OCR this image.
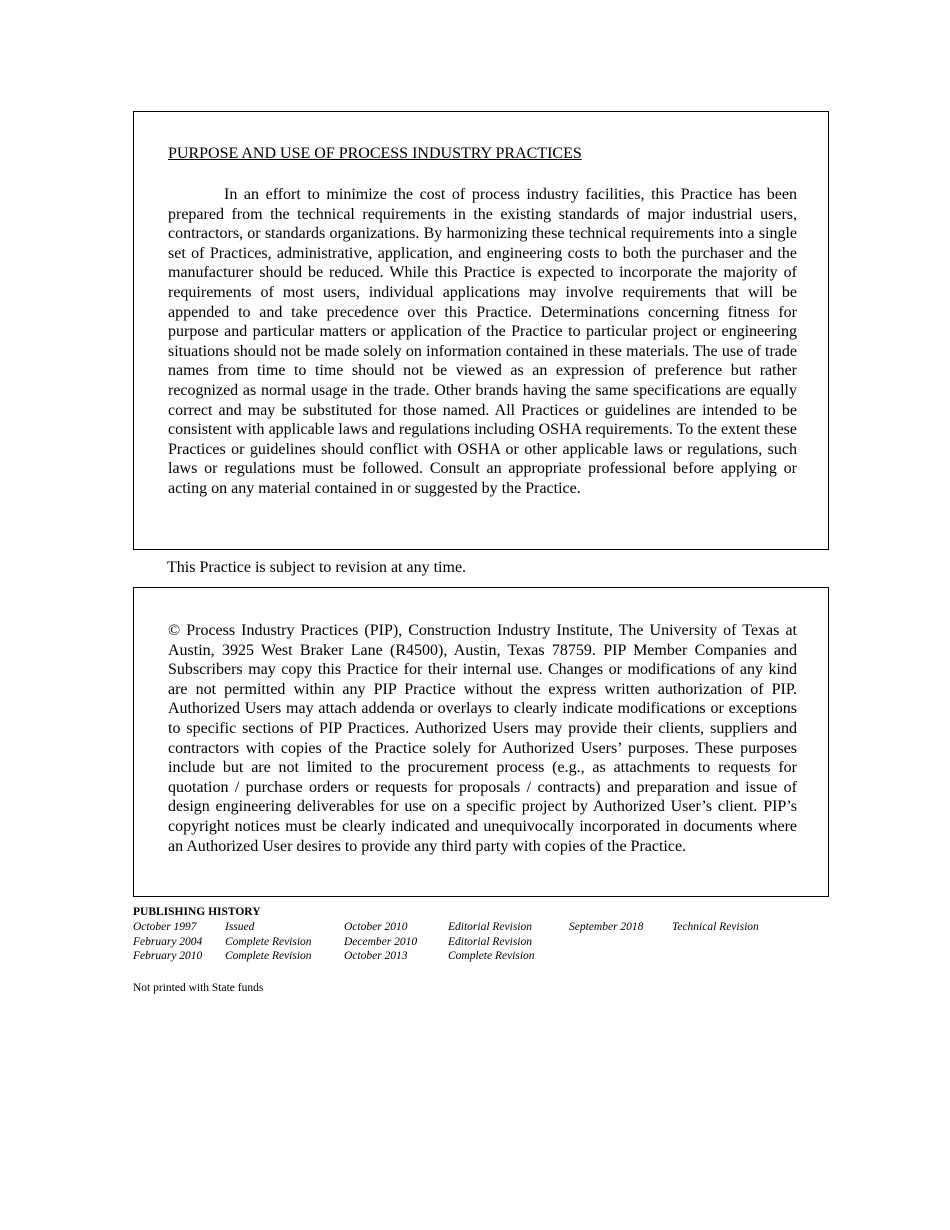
PURPOSE AND USE OF PROCESS INDUSTRY PRACTICES

In an effort to minimize the cost of process industry facilities, this Practice has been prepared from the technical requirements in the existing standards of major industrial users, contractors, or standards organizations. By harmonizing these technical requirements into a single set of Practices, administrative, application, and engineering costs to both the purchaser and the manufacturer should be reduced. While this Practice is expected to incorporate the majority of requirements of most users, individual applications may involve requirements that will be appended to and take precedence over this Practice. Determinations concerning fitness for purpose and particular matters or application of the Practice to particular project or engineering situations should not be made solely on information contained in these materials. The use of trade names from time to time should not be viewed as an expression of preference but rather recognized as normal usage in the trade. Other brands having the same specifications are equally correct and may be substituted for those named. All Practices or guidelines are intended to be consistent with applicable laws and regulations including OSHA requirements. To the extent these Practices or guidelines should conflict with OSHA or other applicable laws or regulations, such laws or regulations must be followed. Consult an appropriate professional before applying or acting on any material contained in or suggested by the Practice.

This Practice is subject to revision at any time.

© Process Industry Practices (PIP), Construction Industry Institute, The University of Texas at Austin, 3925 West Braker Lane (R4500), Austin, Texas 78759. PIP Member Companies and Subscribers may copy this Practice for their internal use. Changes or modifications of any kind are not permitted within any PIP Practice without the express written authorization of PIP. Authorized Users may attach addenda or overlays to clearly indicate modifications or exceptions to specific sections of PIP Practices. Authorized Users may provide their clients, suppliers and contractors with copies of the Practice solely for Authorized Users’ purposes. These purposes include but are not limited to the procurement process (e.g., as attachments to requests for quotation / purchase orders or requests for proposals / contracts) and preparation and issue of design engineering deliverables for use on a specific project by Authorized User’s client. PIP’s copyright notices must be clearly indicated and unequivocally incorporated in documents where an Authorized User desires to provide any third party with copies of the Practice.

PUBLISHING HISTORY
October 1997	Issued	October 2010	Editorial Revision	September 2018	Technical Revision
February 2004	Complete Revision	December 2010	Editorial Revision		
February 2010	Complete Revision	October 2013	Complete Revision		
Not printed with State funds
